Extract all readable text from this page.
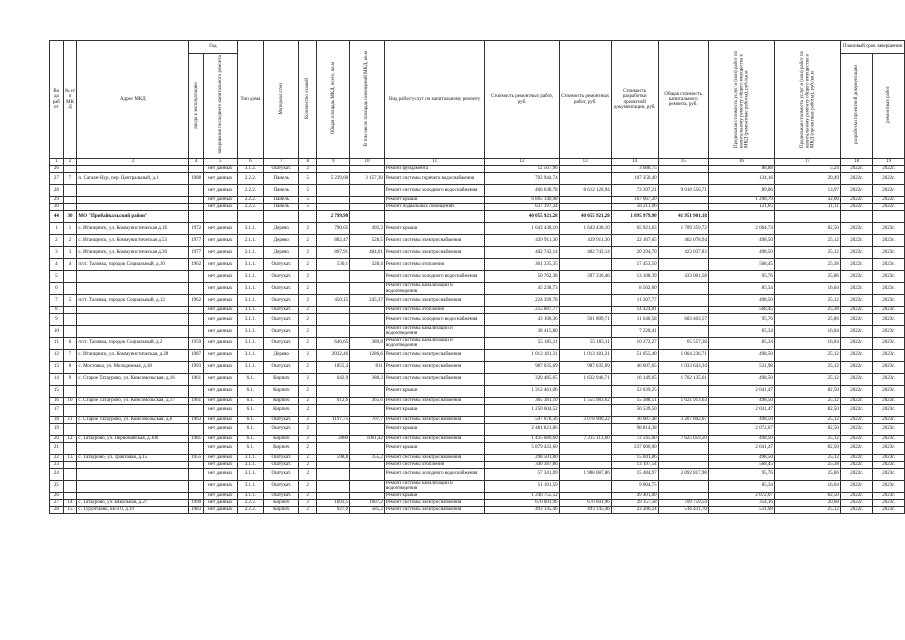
Во да раб от	№ п/п МК Д	Адрес МКД	Год		Тип дома	Материал стен	Количество этажей	Общая площадь МКД, всего, кв.м	В том числе площадь помещений МКД, кв.м	Вид работ/услуг по капитальному ремонту	Стоимость ремонтных работ, руб.	Стоимость ремонтных работ, руб.	Стоимость разработки проектной документации, руб.	Общая стоимость капитального ремонта, руб.	Предельная стоимость услуг и (или) работ по капитальному ремонту общего имущества в МКД (ремонтные работы), руб./кв.м	Предельная стоимость услуг и (или) работ по капитальному ремонту общего имущества в МКД (проектные работы), руб./кв.м	Плановый срок завершения	
			ввода в эксплуатацию	завершения последнего капитального ремонта													разработки проектной документации	ремонтных работ
1	2	3	4	5	6	7	8	9	10	11	12	13	14	15	16	17	18	19
26				нет данных	3.1.2.	Оштукат.	2			Ремонт фундамента	12 567,96		3 688,75		88,88	5,24	2022г.	2022г.
27	7	п. Сагаан-Нур, пер. Центральный, д.1	1988	нет данных	2.2.2.	Панель	5	5 239,60	3 157,30	Ремонт системы горячего водоснабжения	702 944,74		107 350,40		134,16	20,49	2022г.	2022г.
28				нет данных	2.2.2.	Панель	5			Ремонт системы холодного водоснабжения	466 638,78	8 612 120,94	73 397,21	9 018 556,71	89,06	13,97	2022г.	2022г.
29				нет данных	2.2.2.	Панель	5			Ремонт крыши	6 805 140,08		167 667,20		1 298,79	32,00	2022г.	2022г.
30				нет данных	2.2.2.	Панель	5			Ремонт подвальных помещений	637 397,34		58 211,96		121,65	11,11	2022г.	2022г.
44	30	МО "Прибайкальский район"						2 799,90			40 055 921,28	40 055 921,28	1 895 979,90	41 951 901,18				
1	1	с. Итанцинск, ул. Коммунистическая д.1б	1972	нет данных	3.1.1.	Дерево	2	790,05	492,3	Ремонт крыши	1 643 438,10	1 643 438,10	65 921,63	1 709 359,72	2 064,74	82,50	2022г.	2023г.
2	2	с. Итанцинск, ул. Коммунистическая д.53	1977	нет данных	2.1.1.	Дерево	2	882,47	528,5	Ремонт системы электроснабжения	439 911,30	439 911,30	22 167,65	462 078,94	498,50	25,12	2022г.	2023г.
3	3	с. Итанцинск, ул. Коммунистическая д.30	1977	нет данных	2.1.1.	Дерево	2	807,91	484,61	Ремонт системы электроснабжения	402 743,14	402 743,14	20 294,70	423 037,83	498,50	25,12	2022г.	2023г.
4	4	п/ст. Таловка, городок Социальный, д.10	1962	нет данных	3.1.1.	Оштукат.	2	530,1	328,4	Ремонт системы отопления	301 335,35		17 453,50		568,45	25,38	2022г.	2023г.
5				нет данных	3.1.1.	Оштукат.	2			Ремонт системы холодного водоснабжения	50 762,38	397 336,46	13 108,39	433 001,58	95,76	25,86	2022г.	2023г.
6				нет данных	3.1.1.	Оштукат.	2			Ремонт системы канализации и водоотведения	45 238,73		8 502,60		85,34	16,04	2022г.	2023г.
7	5	п/ст. Таловка, городок Социальный, д.12	1962	нет данных	3.1.1.	Оштукат.	2	450,15	245,37	Ремонт системы электроснабжения	224 399,78		11 307,77		498,50	25,12	2022г.	2023г.
8				нет данных	3.1.1.	Оштукат.	2			Ремонт системы отопления	255 887,77		14 424,81		568,45	25,38	2022г.	2023г.
9				нет данных	3.1.1.	Оштукат.	2			Ремонт системы холодного водоснабжения	43 106,36	561 809,71	11 640,58	603 403,57	95,76	25,86	2022г.	2023г.
10				нет данных	3.1.1.	Оштукат.	2			Ремонт системы канализации и водоотведения	38 415,80		7 220,41		85,34	16,04	2022г.	2023г.
11	6	п/ст. Таловка, городок Социальный, д.2	1959	нет данных	3.1.1.	Оштукат.	2	646,65	389,8	Ремонт системы канализации и водоотведения	55 185,11	55 185,11	10 372,27	65 557,38	85,34	16,04	2022г.	2023г.
12	7	с. Итанцинск, ул. Коммунистическая, д.28	1987	нет данных	3.1.1.	Дерево	2	2032,46	1286,6	Ремонт системы электроснабжения	1 013 181,31	1 013 181,31	51 055,40	1 064 236,71	498,50	25,12	2022г.	2023г.
13	8	с. Мостовка, ул. Молодежная, д.18	1993	нет данных	3.1.1.	Оштукат.	2	1855,4	811	Ремонт системы электроснабжения	987 035,69	987 035,69	46 607,65	1 033 643,34	531,98	25,12	2022г.	2023г.
14	9	с. Старое Татаурово, ул. Комсомольская, д.16	1961	нет данных	6.1.	Кирпич	2	642,9	388,3	Ремонт системы электроснабжения	320 485,65	1 632 946,71	16 149,65	1 702 135,61	498,50	25,12	2022г.	2023г.
15				нет данных	6.1.	Кирпич	2			Ремонт крыши	1 312 461,06		53 039,25		2 041,47	82,50	2022г.	2023г.
16	10	с. Старое Татаурово, ул. Комсомольская, д.17	1961	нет данных	6.1.	Кирпич	2	612,6	365,6	Ремонт системы электроснабжения	305 381,10	1 555 983,62	15 388,51	1 621 913,63	498,50	25,12	2022г.	2023г.
17				нет данных	6.1.	Кирпич	2			Ремонт крыши	1 250 604,52		50 539,50		2 041,47	82,50	2022г.	2023г.
18	11	с. Старое Татаурово, ул. Комсомольская, д.6	1963	нет данных	6.1.	Оштукат.	2	1197,75	707,7	Ремонт системы электроснабжения	597 078,36	3 078 900,22	30 087,48	3 207 802,07	498,50	25,12	2022г.	2023г.
19				нет данных	6.1.	Оштукат.	2			Ремонт крыши	2 481 821,86		98 814,38		2 072,07	82,50	2022г.	2023г.
20	12	с. Татаурово, ул. Первомайская, д.100	1981	нет данных	6.1.	Кирпич	2	2880	1061,42	Ремонт системы электроснабжения	1 435 689,60	7 315 113,60	72 345,60	7 625 059,20	498,50	25,12	2022г.	2023г.
21				нет данных	6.1.	Кирпич	2			Ремонт крыши	5 879 433,60		237 600,00		2 041,47	82,50	2022г.	2023г.
22	13	с. Татаурово, ул. Трактовая, д.15	1955	нет данных	3.1.1.	Оштукат.	2	598,8	355,2	Ремонт системы электроснабжения	298 501,80		15 041,86		498,50	25,12	2022г.	2023г.
23				нет данных	3.1.1.	Оштукат.	2			Ремонт системы отопления	340 387,86		13 197,54		568,45	25,38	2022г.	2023г.
24				нет данных	3.1.1.	Оштукат.	2			Ремонт системы холодного водоснабжения	57 341,09	1 988 087,86	15 484,97	2 092 817,98	95,76	25,86	2022г.	2023г.
25				нет данных	3.1.1.	Оштукат.	2			Ремонт системы канализации и водоотведения	51 101,59		9 604,75		85,34	16,04	2022г.	2023г.
26				нет данных	3.1.1.	Оштукат.	2			Ремонт крыши	1 240 755,52		49 401,00		2 072,07	82,50	2022г.	2023г.
27	14	с. Татаурово, ул. Школьная, д.27	1990	нет данных	2.2.2.	Кирпич	2	1893,5	1007,2	Ремонт системы электроснабжения	670 601,96	670 601,96	39 157,58	709 759,54	354,16	20,68	2022г.	2023г.
28	15	с. Турунтаево, кв-л 0, д.19	1983	нет данных	2.2.2.	Кирпич	2	927,0	585,2	Ремонт системы электроснабжения	493 145,46	493 145,46	23 286,24	516 431,70	531,98	25,12	2022г.	2023г.
